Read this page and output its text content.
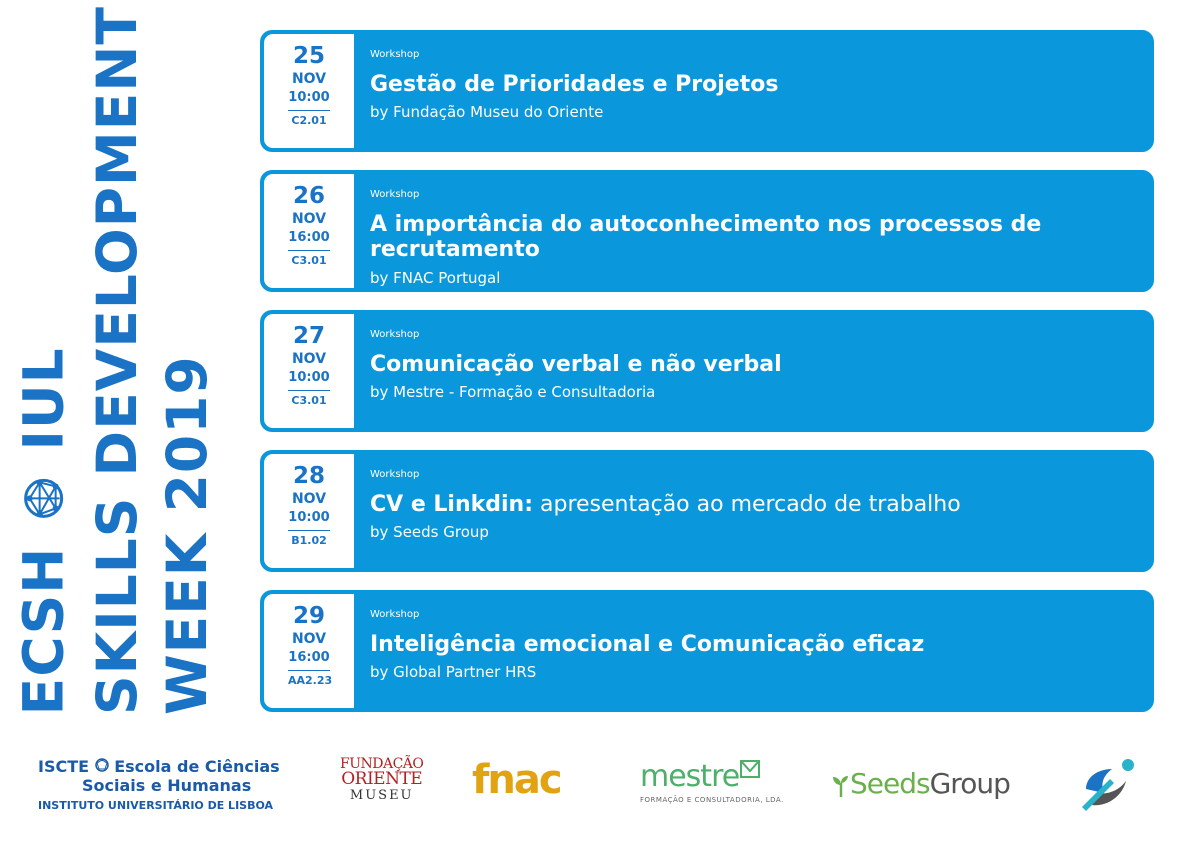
ECSH  IUL SKILLS DEVELOPMENT WEEK 2019
25
NOV
10:00
C2.01
Workshop
Gestão de Prioridades e Projetos
by Fundação Museu do Oriente
26
NOV
16:00
C3.01
Workshop
A importância do autoconhecimento nos processos de recrutamento
by FNAC Portugal
27
NOV
10:00
C3.01
Workshop
Comunicação verbal e não verbal
by Mestre - Formação e Consultadoria
28
NOV
10:00
B1.02
Workshop
CV e Linkdin: apresentação ao mercado de trabalho
by Seeds Group
29
NOV
16:00
AA2.23
Workshop
Inteligência emocional e Comunicação eficaz
by Global Partner HRS
ISCTE Escola de Ciências
Sociais e Humanas
INSTITUTO UNIVERSITÁRIO DE LISBOA
FUNDAÇÃO
ORIENTE
MUSEU fnac	mestre
FORMAÇÃO E CONSULTADORIA, LDA.	SeedsGroup
